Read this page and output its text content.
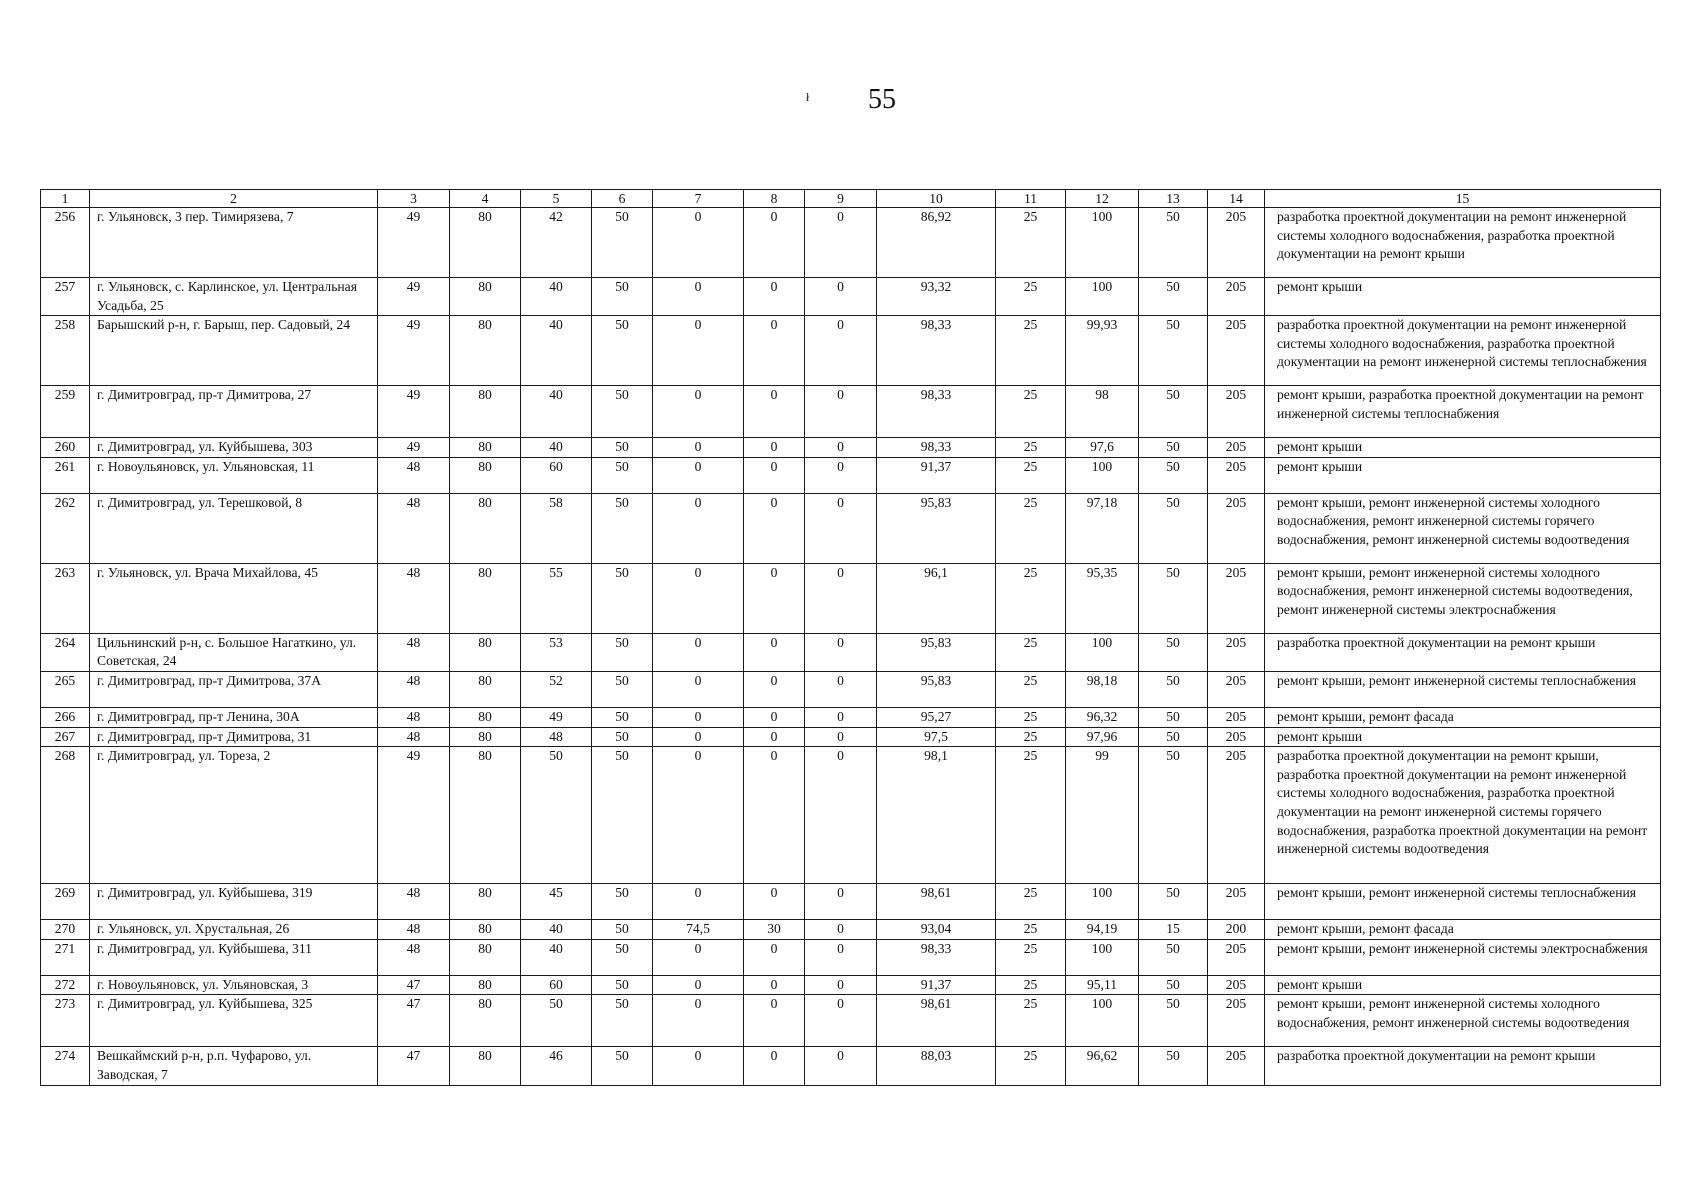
ł 55
1	2	3	4	5	6	7	8	9	10	11	12	13	14	15
256	г. Ульяновск, 3 пер. Тимирязева, 7	49	80	42	50	0	0	0	86,92	25	100	50	205	разработка проектной документации на ремонт инженерной системы холодного водоснабжения, разработка проектной документации на ремонт крыши
257	г. Ульяновск, с. Карлинское, ул. Центральная Усадьба, 25	49	80	40	50	0	0	0	93,32	25	100	50	205	ремонт крыши
258	Барышский р-н, г. Барыш, пер. Садовый, 24	49	80	40	50	0	0	0	98,33	25	99,93	50	205	разработка проектной документации на ремонт инженерной системы холодного водоснабжения, разработка проектной документации на ремонт инженерной системы теплоснабжения
259	г. Димитровград, пр-т Димитрова, 27	49	80	40	50	0	0	0	98,33	25	98	50	205	ремонт крыши, разработка проектной документации на ремонт инженерной системы теплоснабжения
260	г. Димитровград, ул. Куйбышева, 303	49	80	40	50	0	0	0	98,33	25	97,6	50	205	ремонт крыши
261	г. Новоульяновск, ул. Ульяновская, 11	48	80	60	50	0	0	0	91,37	25	100	50	205	ремонт крыши
262	г. Димитровград, ул. Терешковой, 8	48	80	58	50	0	0	0	95,83	25	97,18	50	205	ремонт крыши, ремонт инженерной системы холодного водоснабжения, ремонт инженерной системы горячего водоснабжения, ремонт инженерной системы водоотведения
263	г. Ульяновск, ул. Врача Михайлова, 45	48	80	55	50	0	0	0	96,1	25	95,35	50	205	ремонт крыши, ремонт инженерной системы холодного водоснабжения, ремонт инженерной системы водоотведения, ремонт инженерной системы электроснабжения
264	Цильнинский р-н, с. Большое Нагаткино, ул. Советская, 24	48	80	53	50	0	0	0	95,83	25	100	50	205	разработка проектной документации на ремонт крыши
265	г. Димитровград, пр-т Димитрова, 37А	48	80	52	50	0	0	0	95,83	25	98,18	50	205	ремонт крыши, ремонт инженерной системы теплоснабжения
266	г. Димитровград, пр-т Ленина, 30А	48	80	49	50	0	0	0	95,27	25	96,32	50	205	ремонт крыши, ремонт фасада
267	г. Димитровград, пр-т Димитрова, 31	48	80	48	50	0	0	0	97,5	25	97,96	50	205	ремонт крыши
268	г. Димитровград, ул. Тореза, 2	49	80	50	50	0	0	0	98,1	25	99	50	205	разработка проектной документации на ремонт крыши, разработка проектной документации на ремонт инженерной системы холодного водоснабжения, разработка проектной документации на ремонт инженерной системы горячего водоснабжения, разработка проектной документации на ремонт инженерной системы водоотведения
269	г. Димитровград, ул. Куйбышева, 319	48	80	45	50	0	0	0	98,61	25	100	50	205	ремонт крыши, ремонт инженерной системы теплоснабжения
270	г. Ульяновск, ул. Хрустальная, 26	48	80	40	50	74,5	30	0	93,04	25	94,19	15	200	ремонт крыши, ремонт фасада
271	г. Димитровград, ул. Куйбышева, 311	48	80	40	50	0	0	0	98,33	25	100	50	205	ремонт крыши, ремонт инженерной системы электроснабжения
272	г. Новоульяновск, ул. Ульяновская, 3	47	80	60	50	0	0	0	91,37	25	95,11	50	205	ремонт крыши
273	г. Димитровград, ул. Куйбышева, 325	47	80	50	50	0	0	0	98,61	25	100	50	205	ремонт крыши, ремонт инженерной системы холодного водоснабжения, ремонт инженерной системы водоотведения
274	Вешкаймский р-н, р.п. Чуфарово, ул. Заводская, 7	47	80	46	50	0	0	0	88,03	25	96,62	50	205	разработка проектной документации на ремонт крыши
